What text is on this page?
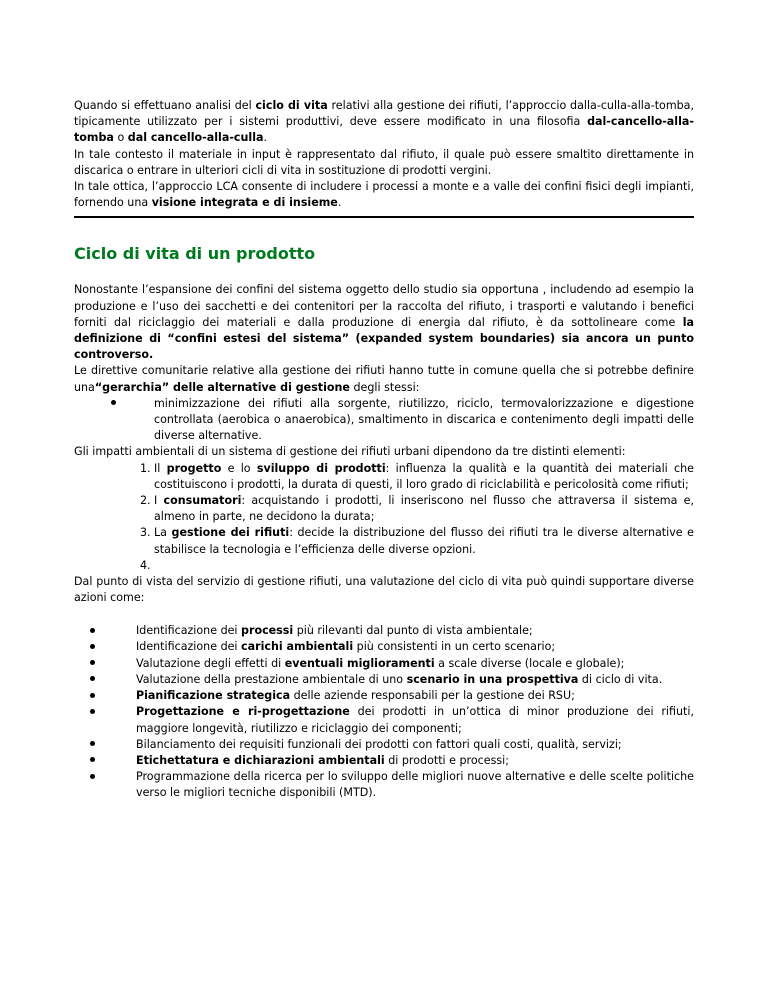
Quando si effettuano analisi del ciclo di vita relativi alla gestione dei rifiuti, l’approccio dalla-culla-alla-tomba, tipicamente utilizzato per i sistemi produttivi, deve essere modificato in una filosofia dal-cancello-alla-tomba o dal cancello-alla-culla.

In tale contesto il materiale in input è rappresentato dal rifiuto, il quale può essere smaltito direttamente in discarica o entrare in ulteriori cicli di vita in sostituzione di prodotti vergini.

In tale ottica, l’approccio LCA consente di includere i processi a monte e a valle dei confini fisici degli impianti, fornendo una visione integrata e di insieme.

Ciclo di vita di un prodotto

Nonostante l’espansione dei confini del sistema oggetto dello studio sia opportuna , includendo ad esempio la produzione e l’uso dei sacchetti e dei contenitori per la raccolta del rifiuto, i trasporti e valutando i benefici forniti dal riciclaggio dei materiali e dalla produzione di energia dal rifiuto, è da sottolineare come la definizione di “confini estesi del sistema” (expanded system boundaries) sia ancora un punto controverso.

Le direttive comunitarie relative alla gestione dei rifiuti hanno tutte in comune quella che si potrebbe definire una“gerarchia” delle alternative di gestione degli stessi:

minimizzazione dei rifiuti alla sorgente, riutilizzo, riciclo, termovalorizzazione e digestione controllata (aerobica o anaerobica), smaltimento in discarica e contenimento degli impatti delle diverse alternative.

Gli impatti ambientali di un sistema di gestione dei rifiuti urbani dipendono da tre distinti elementi:

1. Il progetto e lo sviluppo di prodotti: influenza la qualità e la quantità dei materiali che costituiscono i prodotti, la durata di questi, il loro grado di riciclabilità e pericolosità come rifiuti;
2. I consumatori: acquistando i prodotti, li inseriscono nel flusso che attraversa il sistema e, almeno in parte, ne decidono la durata;
3. La gestione dei rifiuti: decide la distribuzione del flusso dei rifiuti tra le diverse alternative e stabilisce la tecnologia e l’efficienza delle diverse opzioni.
4.

Dal punto di vista del servizio di gestione rifiuti, una valutazione del ciclo di vita può quindi supportare diverse azioni come:

Identificazione dei processi più rilevanti dal punto di vista ambientale;
Identificazione dei carichi ambientali più consistenti in un certo scenario;
Valutazione degli effetti di eventuali miglioramenti a scale diverse (locale e globale);
Valutazione della prestazione ambientale di uno scenario in una prospettiva di ciclo di vita.
Pianificazione strategica delle aziende responsabili per la gestione dei RSU;
Progettazione e ri-progettazione dei prodotti in un’ottica di minor produzione dei rifiuti, maggiore longevità, riutilizzo e riciclaggio dei componenti;
Bilanciamento dei requisiti funzionali dei prodotti con fattori quali costi, qualità, servizi;
Etichettatura e dichiarazioni ambientali di prodotti e processi;
Programmazione della ricerca per lo sviluppo delle migliori nuove alternative e delle scelte politiche verso le migliori tecniche disponibili (MTD).
